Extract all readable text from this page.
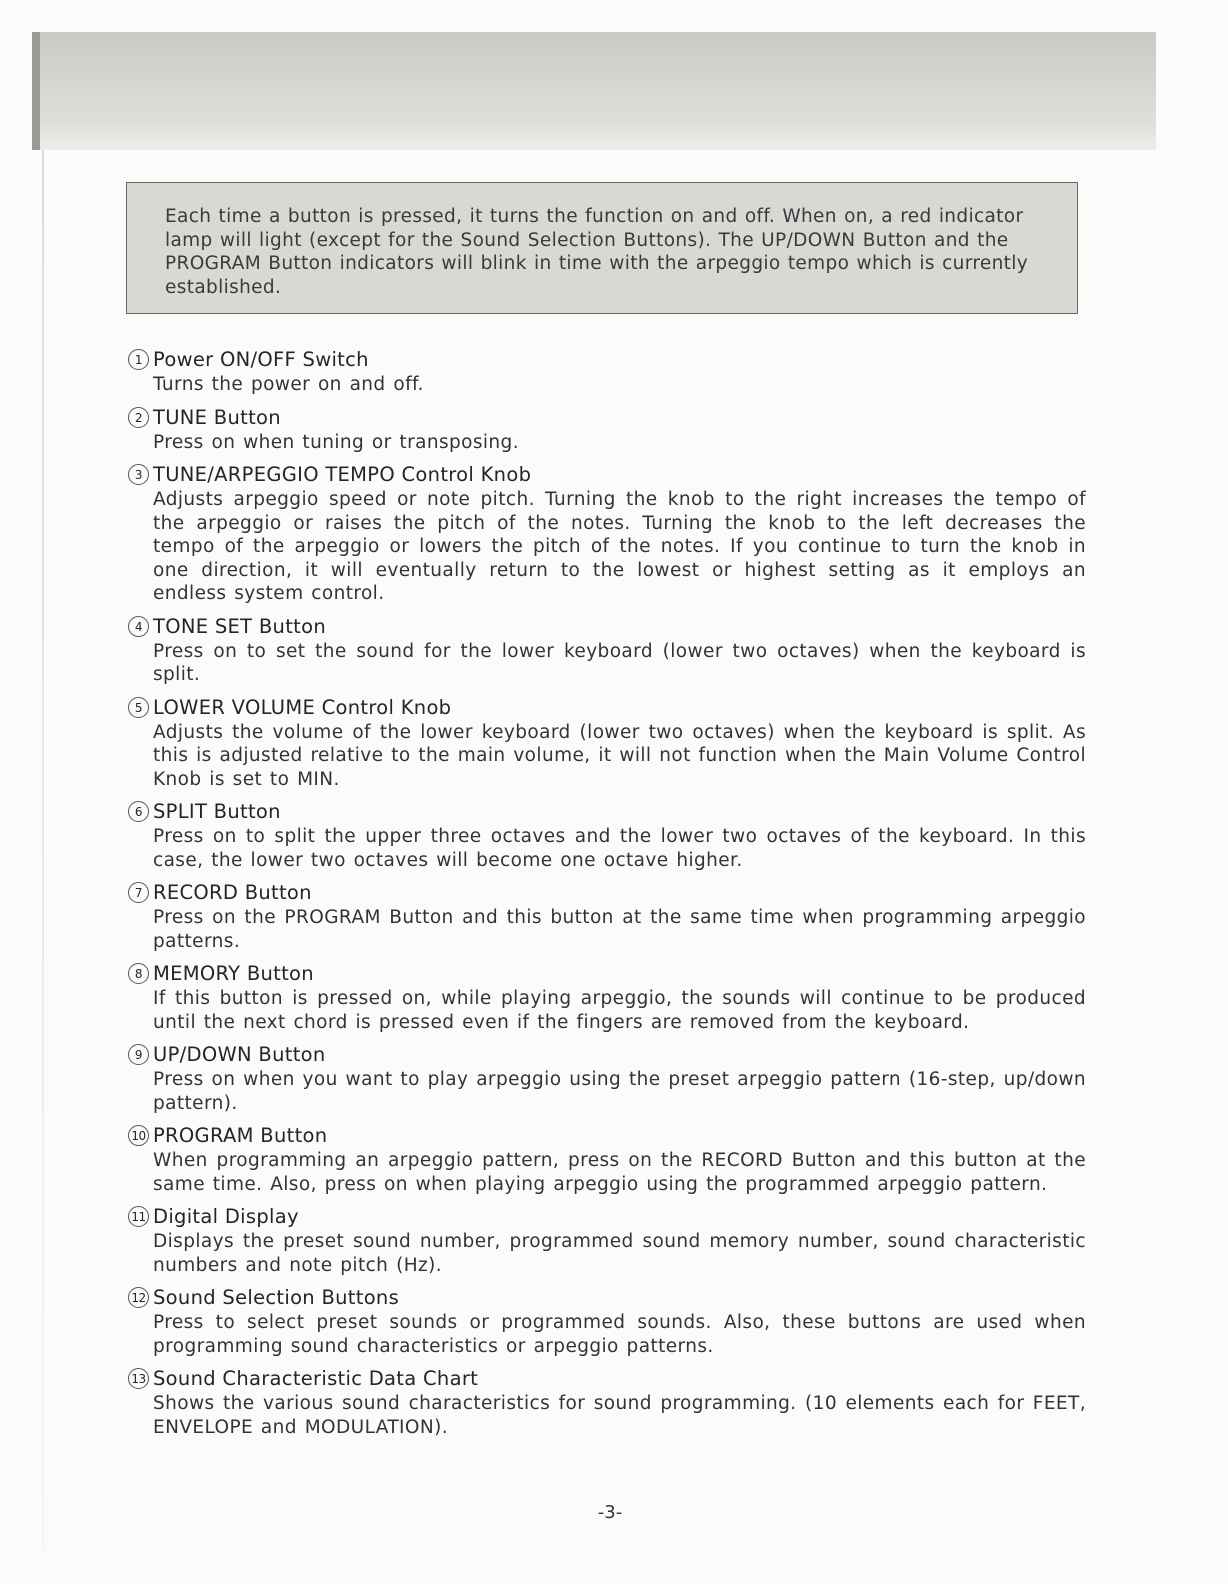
Each time a button is pressed, it turns the function on and off. When on, a red indicator lamp will light (except for the Sound Selection Buttons). The UP/DOWN Button and the PROGRAM Button indicators will blink in time with the arpeggio tempo which is currently established.
1 Power ON/OFF Switch
Turns the power on and off.
2 TUNE Button
Press on when tuning or transposing.
3 TUNE/ARPEGGIO TEMPO Control Knob
Adjusts arpeggio speed or note pitch. Turning the knob to the right increases the tempo of the arpeggio or raises the pitch of the notes. Turning the knob to the left decreases the tempo of the arpeggio or lowers the pitch of the notes. If you continue to turn the knob in one direction, it will eventually return to the lowest or highest setting as it employs an endless system control.
4 TONE SET Button
Press on to set the sound for the lower keyboard (lower two octaves) when the keyboard is split.
5 LOWER VOLUME Control Knob
Adjusts the volume of the lower keyboard (lower two octaves) when the keyboard is split. As this is adjusted relative to the main volume, it will not function when the Main Volume Control Knob is set to MIN.
6 SPLIT Button
Press on to split the upper three octaves and the lower two octaves of the keyboard. In this case, the lower two octaves will become one octave higher.
7 RECORD Button
Press on the PROGRAM Button and this button at the same time when programming arpeggio patterns.
8 MEMORY Button
If this button is pressed on, while playing arpeggio, the sounds will continue to be produced until the next chord is pressed even if the fingers are removed from the keyboard.
9 UP/DOWN Button
Press on when you want to play arpeggio using the preset arpeggio pattern (16-step, up/down pattern).
10 PROGRAM Button
When programming an arpeggio pattern, press on the RECORD Button and this button at the same time. Also, press on when playing arpeggio using the programmed arpeggio pattern.
11 Digital Display
Displays the preset sound number, programmed sound memory number, sound characteristic numbers and note pitch (Hz).
12 Sound Selection Buttons
Press to select preset sounds or programmed sounds. Also, these buttons are used when programming sound characteristics or arpeggio patterns.
13 Sound Characteristic Data Chart
Shows the various sound characteristics for sound programming. (10 elements each for FEET, ENVELOPE and MODULATION).
-3-
